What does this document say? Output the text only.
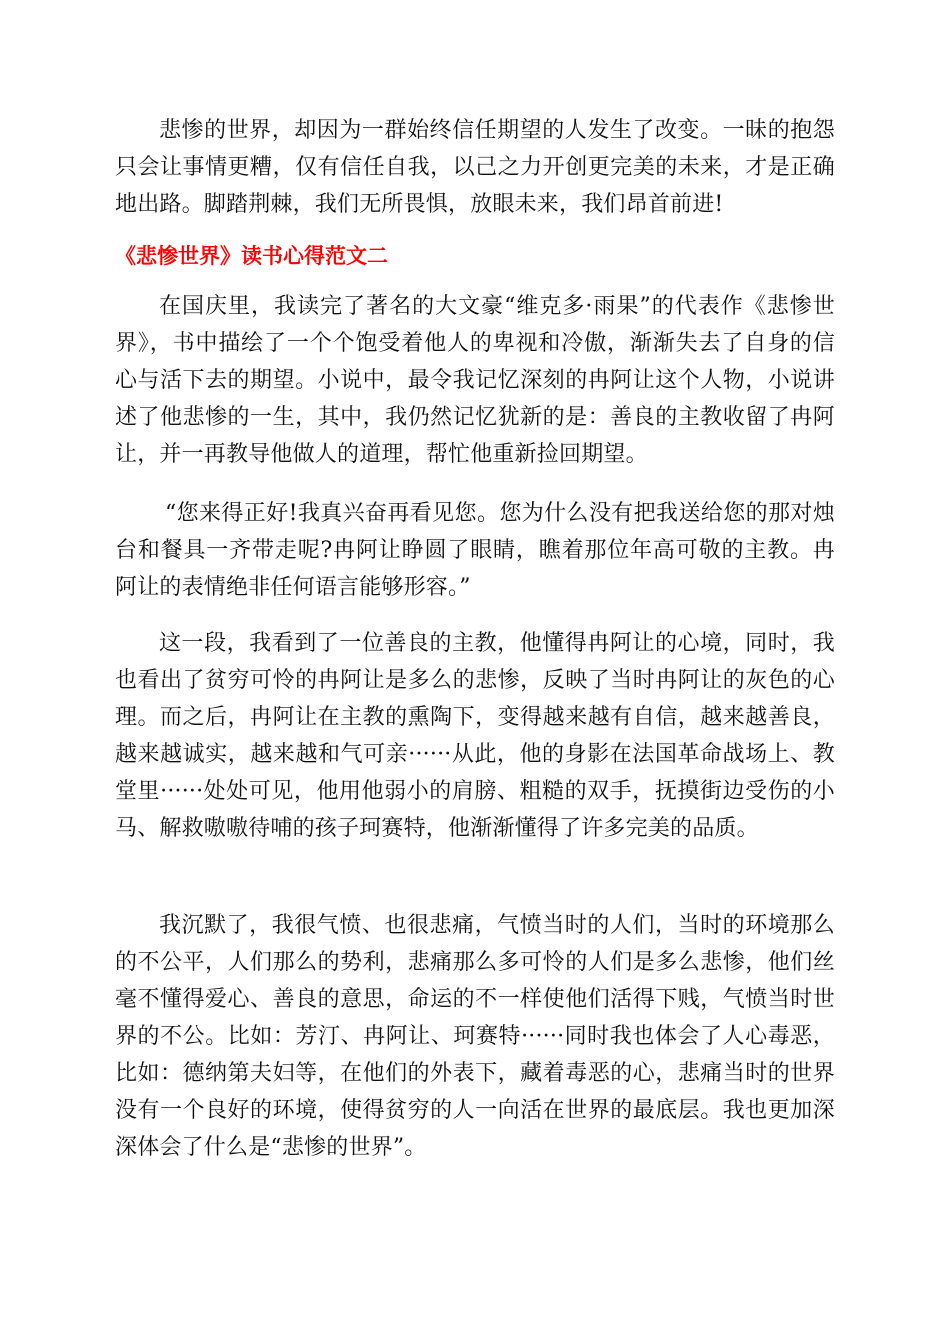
悲惨的世界，却因为一群始终信任期望的人发生了改变。一昧的抱怨只会让事情更糟，仅有信任自我，以己之力开创更完美的未来，才是正确地出路。脚踏荆棘，我们无所畏惧，放眼未来，我们昂首前进!

《悲惨世界》读书心得范文二

在国庆里，我读完了著名的大文豪“维克多·雨果”的代表作《悲惨世界》，书中描绘了一个个饱受着他人的卑视和冷傲，渐渐失去了自身的信心与活下去的期望。小说中，最令我记忆深刻的冉阿让这个人物，小说讲述了他悲惨的一生，其中，我仍然记忆犹新的是：善良的主教收留了冉阿让，并一再教导他做人的道理，帮忙他重新捡回期望。

“您来得正好!我真兴奋再看见您。您为什么没有把我送给您的那对烛台和餐具一齐带走呢?冉阿让睁圆了眼睛，瞧着那位年高可敬的主教。冉阿让的表情绝非任何语言能够形容。”

这一段，我看到了一位善良的主教，他懂得冉阿让的心境，同时，我也看出了贫穷可怜的冉阿让是多么的悲惨，反映了当时冉阿让的灰色的心理。而之后，冉阿让在主教的熏陶下，变得越来越有自信，越来越善良，越来越诚实，越来越和气可亲······从此，他的身影在法国革命战场上、教堂里······处处可见，他用他弱小的肩膀、粗糙的双手，抚摸街边受伤的小马、解救嗷嗷待哺的孩子珂赛特，他渐渐懂得了许多完美的品质。

我沉默了，我很气愤、也很悲痛，气愤当时的人们，当时的环境那么的不公平，人们那么的势利，悲痛那么多可怜的人们是多么悲惨，他们丝毫不懂得爱心、善良的意思，命运的不一样使他们活得下贱，气愤当时世界的不公。比如：芳汀、冉阿让、珂赛特······同时我也体会了人心毒恶，比如：德纳第夫妇等，在他们的外表下，藏着毒恶的心，悲痛当时的世界没有一个良好的环境，使得贫穷的人一向活在世界的最底层。我也更加深深体会了什么是“悲惨的世界”。
